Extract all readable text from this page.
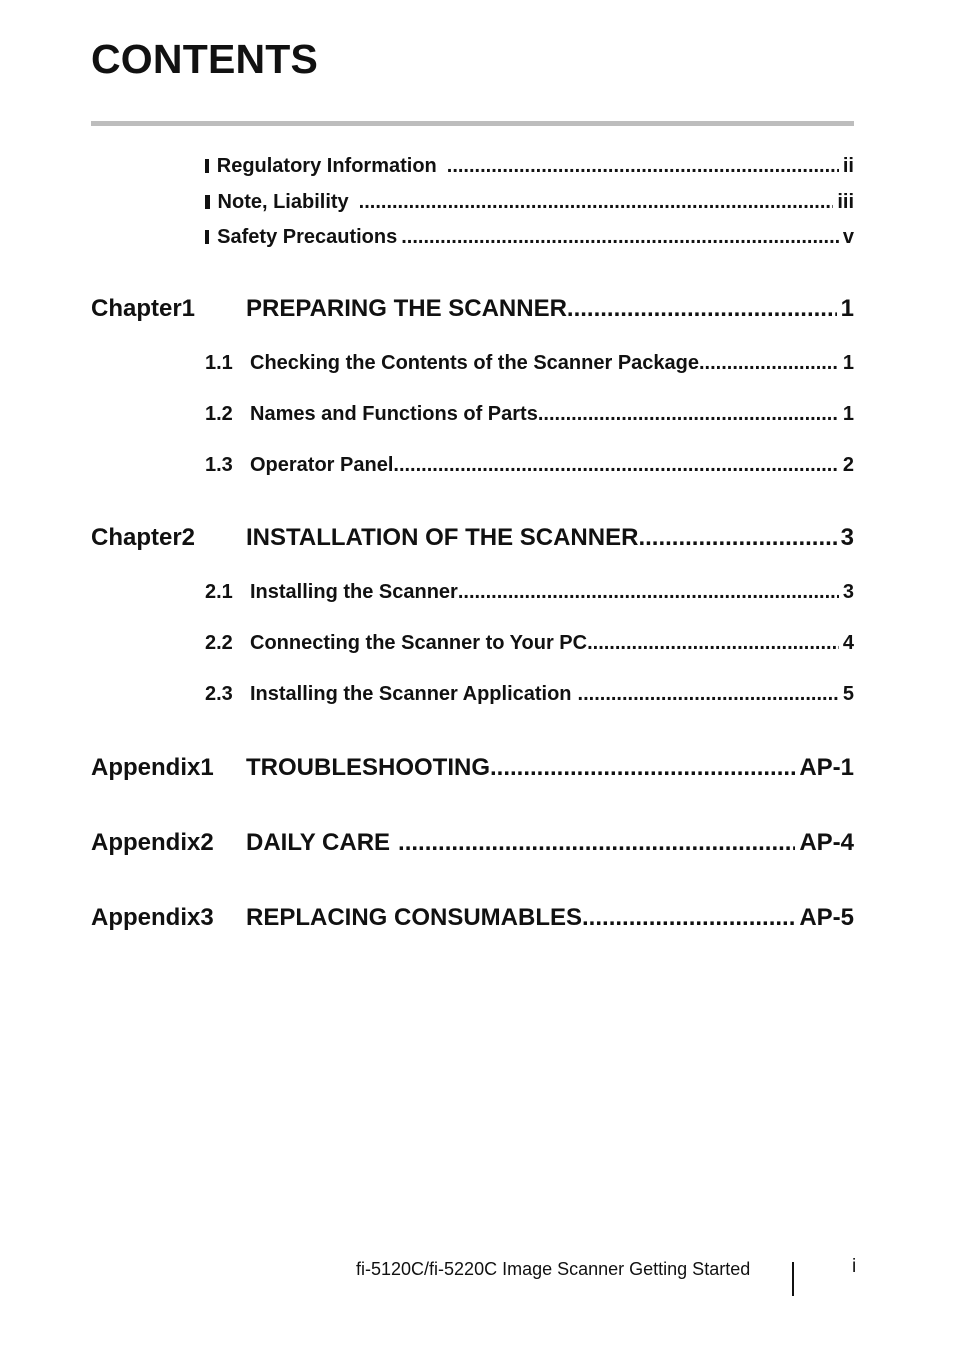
CONTENTS
Regulatory Information .....	ii
Note, Liability .....	iii
Safety Precautions .....	v
Chapter1	PREPARING THE SCANNER .....	1
1.1 Checking the Contents of the Scanner Package .....	1
1.2 Names and Functions of Parts .....	1
1.3 Operator Panel .....	2
Chapter2	INSTALLATION OF THE SCANNER .....	3
2.1 Installing the Scanner .....	3
2.2 Connecting the Scanner to Your PC .....	4
2.3 Installing the Scanner Application .....	5
Appendix1	TROUBLESHOOTING .....	AP-1
Appendix2	DAILY CARE .....	AP-4
Appendix3	REPLACING CONSUMABLES .....	AP-5
fi-5120C/fi-5220C Image Scanner Getting Started	i
